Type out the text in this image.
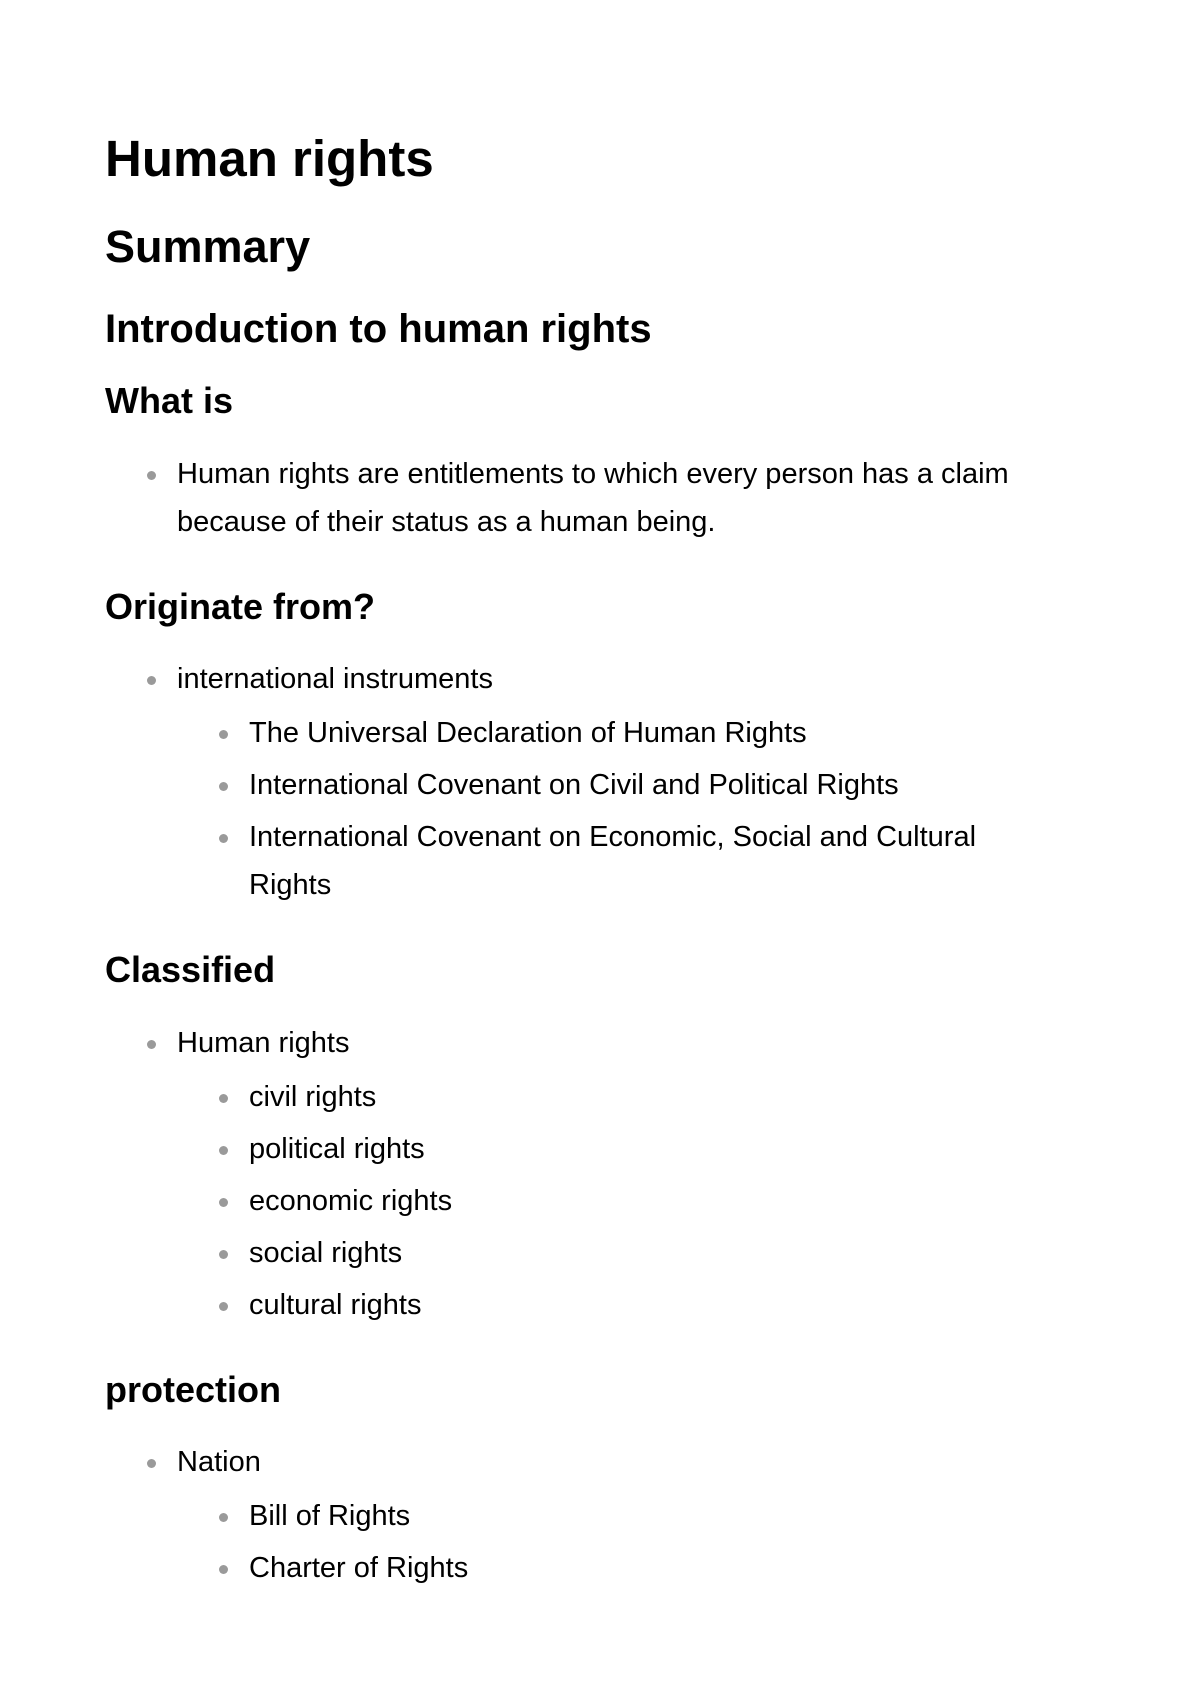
Human rights
Summary
Introduction to human rights
What is
Human rights are entitlements to which every person has a claim because of their status as a human being.
Originate from?
international instruments
The Universal Declaration of Human Rights
International Covenant on Civil and Political Rights
International Covenant on Economic, Social and Cultural Rights
Classified
Human rights
civil rights
political rights
economic rights
social rights
cultural rights
protection
Nation
Bill of Rights
Charter of Rights
